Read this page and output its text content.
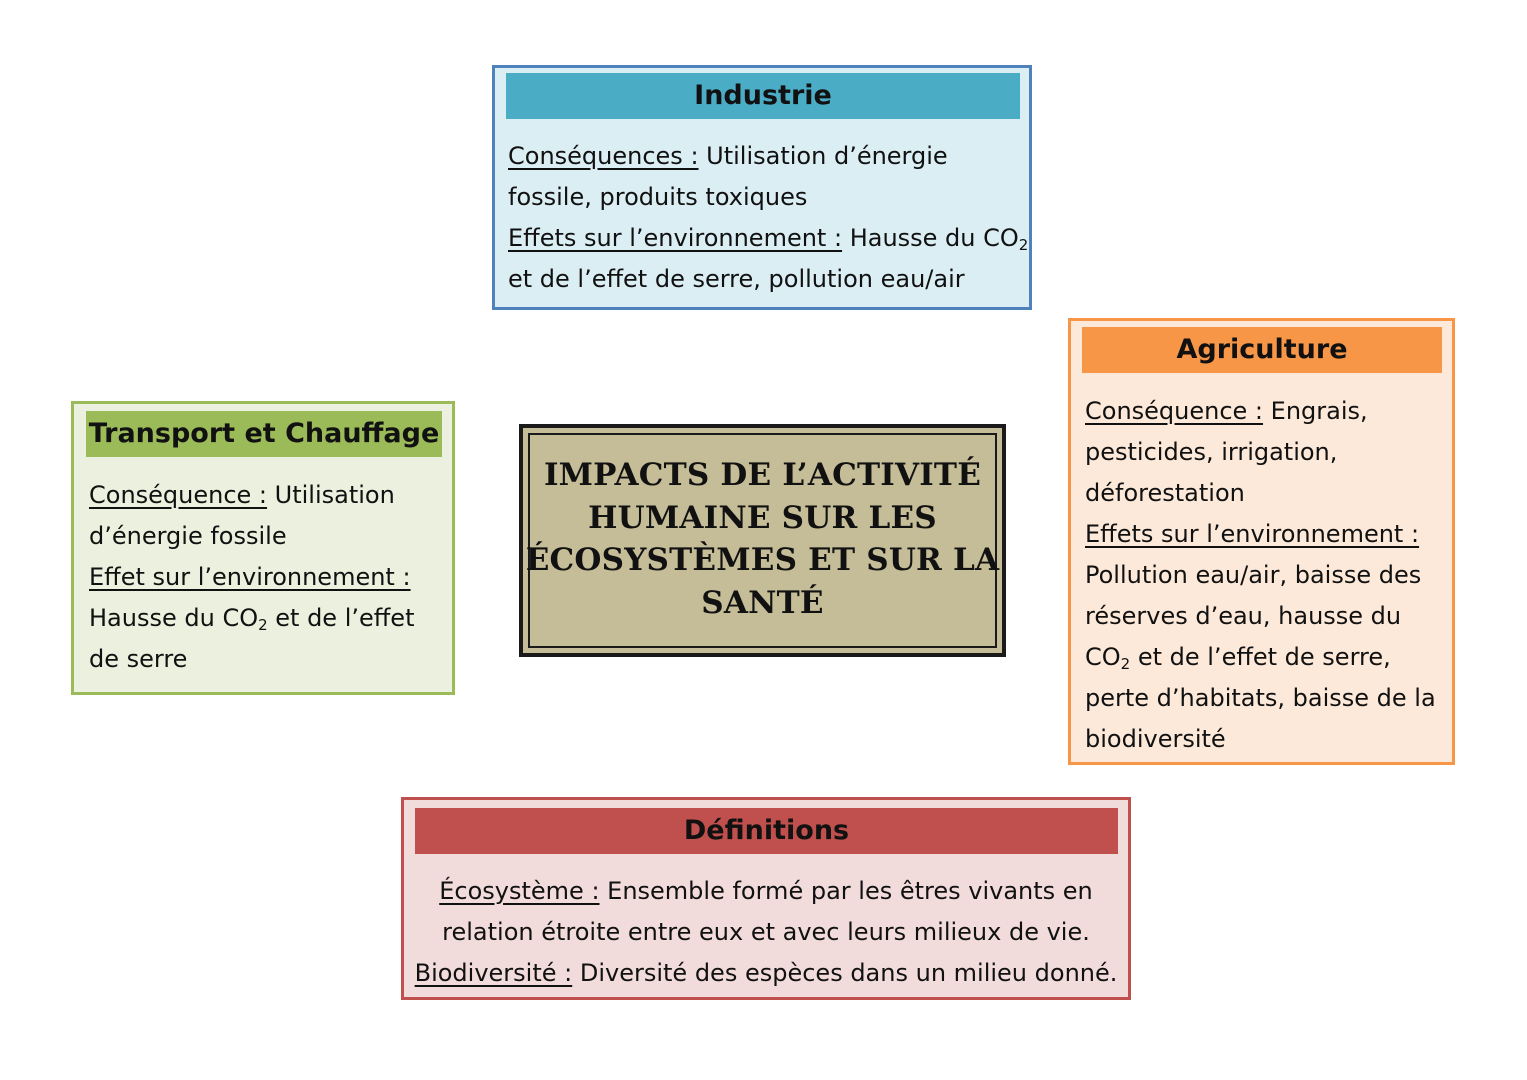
Industrie
Conséquences : Utilisation d’énergie
fossile, produits toxiques
Effets sur l’environnement : Hausse du $CO_2$
et de l’effet de serre, pollution eau/air
Agriculture
Conséquence : Engrais,
pesticides, irrigation,
déforestation
Effets sur l’environnement :
Pollution eau/air, baisse des
réserves d’eau, hausse du
$CO_2$ et de l’effet de serre,
perte d’habitats, baisse de la
biodiversité
Transport et Chauffage
Conséquence : Utilisation
d’énergie fossile
Effet sur l’environnement :
Hausse du $CO_2$ et de l’effet
de serre
IMPACTS DE L’ACTIVITÉ
HUMAINE SUR LES
ÉCOSYSTÈMES ET SUR LA
SANTÉ
Définitions
Écosystème : Ensemble formé par les êtres vivants en
relation étroite entre eux et avec leurs milieux de vie.
Biodiversité : Diversité des espèces dans un milieu donné.
